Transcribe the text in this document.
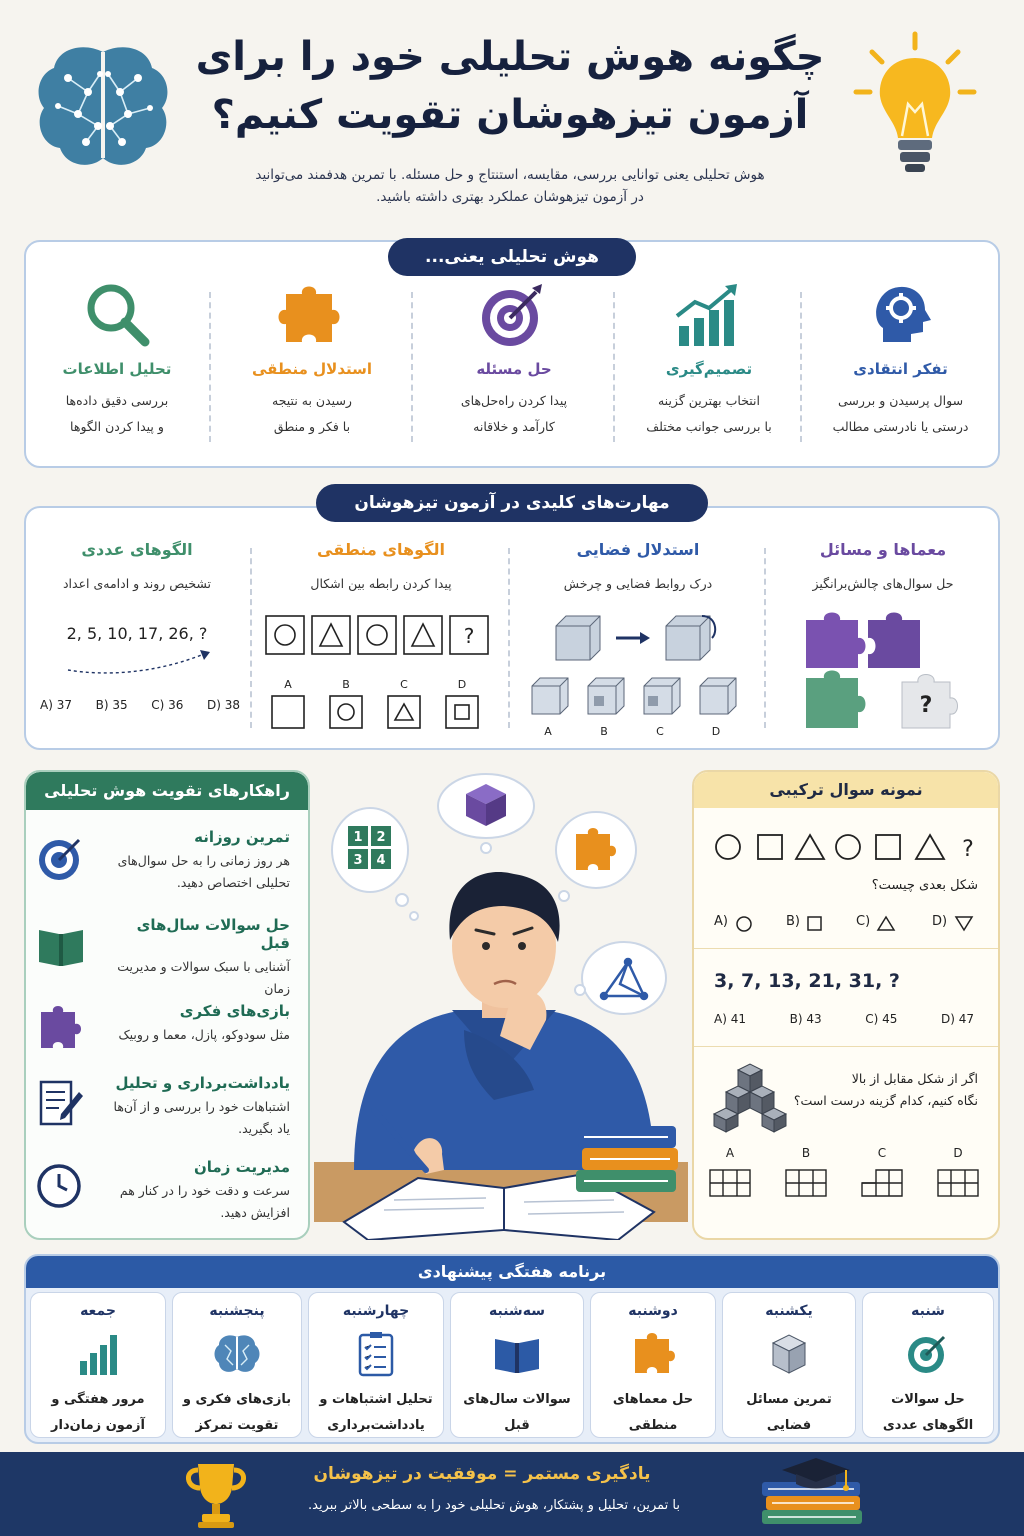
چگونه هوش تحلیلی خود را برای
آزمون تیزهوشان تقویت کنیم؟
هوش تحلیلی یعنی توانایی بررسی، مقایسه، استنتاج و حل مسئله. با تمرین هدفمند می‌توانید
در آزمون تیزهوشان عملکرد بهتری داشته باشید.
تفکر انتقادی
سوال پرسیدن و بررسی
درستی یا نادرستی مطالب
تصمیم‌گیری
انتخاب بهترین گزینه
با بررسی جوانب مختلف
حل مسئله
پیدا کردن راه‌حل‌های
کارآمد و خلاقانه
استدلال منطقی
رسیدن به نتیجه
با فکر و منطق
تحلیل اطلاعات
بررسی دقیق داده‌ها
و پیدا کردن الگوها
هوش تحلیلی یعنی...
معماها و مسائل
حل سوال‌های چالش‌برانگیز
?
استدلال فضایی
درک روابط فضایی و چرخش
A	B	C	D
الگوهای منطقی
پیدا کردن رابطه بین اشکال
?
A	B	C	D
الگوهای عددی
تشخیص روند و ادامه‌ی اعداد
2, 5, 10, 17, 26, ?
A) 37 B) 35 C) 36 D) 38
مهارت‌های کلیدی در آزمون تیزهوشان
راهکارهای تقویت هوش تحلیلی
تمرین روزانه
هر روز زمانی را به حل سوال‌های تحلیلی اختصاص دهید.
حل سوالات سال‌های قبل
آشنایی با سبک سوالات و مدیریت زمان
بازی‌های فکری
مثل سودوکو، پازل، معما و روبیک
یادداشت‌برداری و تحلیل
اشتباهات خود را بررسی و از آن‌ها یاد بگیرید.
مدیریت زمان
سرعت و دقت خود را در کنار هم افزایش دهید.
1 2
3 4
نمونه سوال ترکیبی
?
شکل بعدی چیست؟
A)	B)	C)	D)
3, 7, 13, 21, 31, ?
A) 41	B) 43	C) 45	D) 47
اگر از شکل مقابل از بالا
نگاه کنیم، کدام گزینه درست است؟
A	B	C	D
برنامه هفتگی پیشنهادی
شنبه
حل سوالات
الگوهای عددی
یکشنبه
تمرین مسائل
فضایی
دوشنبه
حل معماهای
منطقی
سه‌شنبه
سوالات سال‌های
قبل
چهارشنبه
تحلیل اشتباهات و
یادداشت‌برداری
پنجشنبه
بازی‌های فکری و
تقویت تمرکز
جمعه
مرور هفتگی و
آزمون زمان‌دار
یادگیری مستمر = موفقیت در تیزهوشان
با تمرین، تحلیل و پشتکار، هوش تحلیلی خود را به سطحی بالاتر ببرید.
